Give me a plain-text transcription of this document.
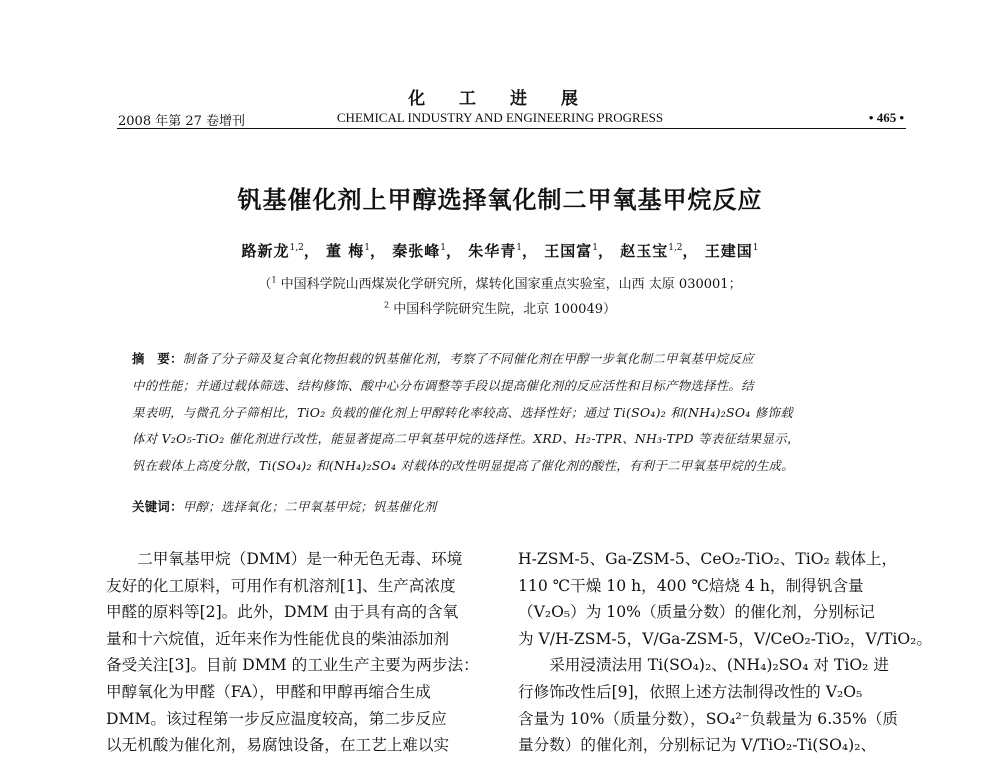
化 工 进 展
2008 年第 27 卷增刊	CHEMICAL INDUSTRY AND ENGINEERING PROGRESS	• 465 •
钒基催化剂上甲醇选择氧化制二甲氧基甲烷反应
路新龙$^{1,2}$， 董 梅$^1$， 秦张峰$^1$， 朱华青$^1$， 王国富$^1$， 赵玉宝$^{1,2}$， 王建国$^1$
（$^1$ 中国科学院山西煤炭化学研究所，煤转化国家重点实验室，山西 太原 030001；
$^2$ 中国科学院研究生院，北京 100049）
摘　要：制备了分子筛及复合氧化物担载的钒基催化剂，考察了不同催化剂在甲醇一步氧化制二甲氧基甲烷反应
中的性能；并通过载体筛选、结构修饰、酸中心分布调整等手段以提高催化剂的反应活性和目标产物选择性。结
果表明，与微孔分子筛相比，TiO₂ 负载的催化剂上甲醇转化率较高、选择性好；通过 Ti(SO₄)₂ 和(NH₄)₂SO₄ 修饰载
体对 V₂O₅-TiO₂ 催化剂进行改性，能显著提高二甲氧基甲烷的选择性。XRD、H₂-TPR、NH₃-TPD 等表征结果显示，
钒在载体上高度分散，Ti(SO₄)₂ 和(NH₄)₂SO₄ 对载体的改性明显提高了催化剂的酸性，有利于二甲氧基甲烷的生成。
关键词：甲醇；选择氧化；二甲氧基甲烷；钒基催化剂
　　二甲氧基甲烷（DMM）是一种无色无毒、环境
友好的化工原料，可用作有机溶剂[1]、生产高浓度
甲醛的原料等[2]。此外，DMM 由于具有高的含氧
量和十六烷值，近年来作为性能优良的柴油添加剂
备受关注[3]。目前 DMM 的工业生产主要为两步法：
甲醇氧化为甲醛（FA），甲醛和甲醇再缩合生成
DMM。该过程第一步反应温度较高，第二步反应
以无机酸为催化剂，易腐蚀设备，在工艺上难以实
H-ZSM-5、Ga-ZSM-5、CeO₂-TiO₂、TiO₂ 载体上，
110 ℃干燥 10 h，400 ℃焙烧 4 h，制得钒含量
（V₂O₅）为 10%（质量分数）的催化剂，分别标记
为 V/H-ZSM-5，V/Ga-ZSM-5，V/CeO₂-TiO₂，V/TiO₂。
　　采用浸渍法用 Ti(SO₄)₂、(NH₄)₂SO₄ 对 TiO₂ 进
行修饰改性后[9]，依照上述方法制得改性的 V₂O₅
含量为 10%（质量分数），SO₄²⁻负载量为 6.35%（质
量分数）的催化剂，分别标记为 V/TiO₂-Ti(SO₄)₂、
